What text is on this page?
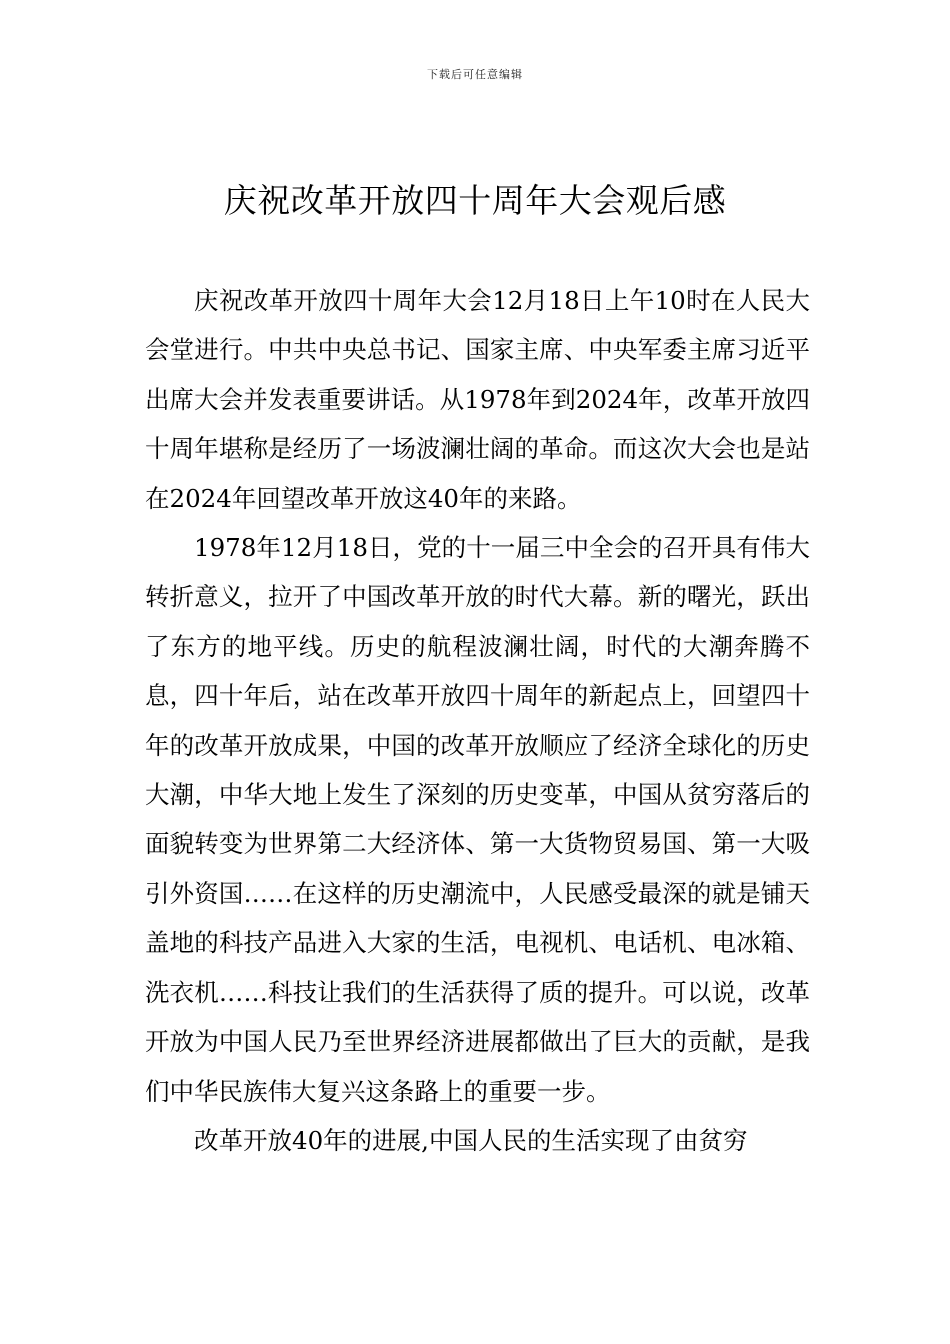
下载后可任意编辑
庆祝改革开放四十周年大会观后感

庆祝改革开放四十周年大会12月18日上午10时在人民大会堂进行。中共中央总书记、国家主席、中央军委主席习近平出席大会并发表重要讲话。从1978年到2024年，改革开放四十周年堪称是经历了一场波澜壮阔的革命。而这次大会也是站在2024年回望改革开放这40年的来路。

1978年12月18日，党的十一届三中全会的召开具有伟大转折意义，拉开了中国改革开放的时代大幕。新的曙光，跃出了东方的地平线。历史的航程波澜壮阔，时代的大潮奔腾不息，四十年后，站在改革开放四十周年的新起点上，回望四十年的改革开放成果，中国的改革开放顺应了经济全球化的历史大潮，中华大地上发生了深刻的历史变革，中国从贫穷落后的面貌转变为世界第二大经济体、第一大货物贸易国、第一大吸引外资国……在这样的历史潮流中，人民感受最深的就是铺天盖地的科技产品进入大家的生活，电视机、电话机、电冰箱、洗衣机……科技让我们的生活获得了质的提升。可以说，改革开放为中国人民乃至世界经济进展都做出了巨大的贡献，是我们中华民族伟大复兴这条路上的重要一步。

改革开放40年的进展,中国人民的生活实现了由贫穷
